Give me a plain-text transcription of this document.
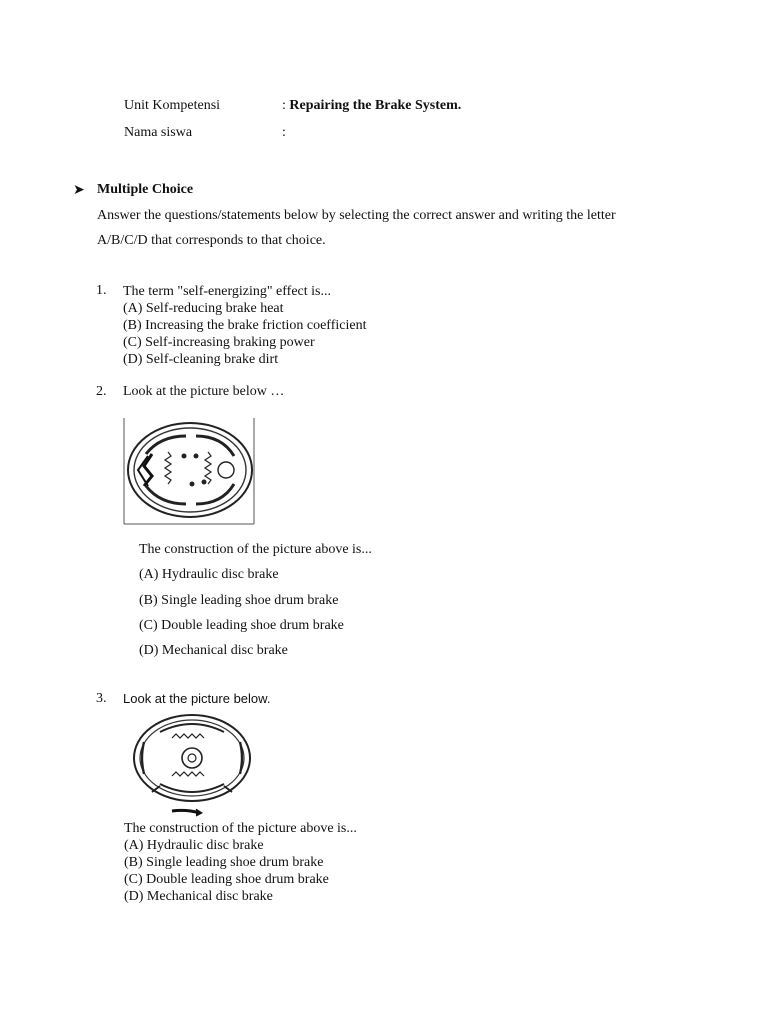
Unit Kompetensi	: Repairing the Brake System.
Nama siswa	:
➤ Multiple Choice
Answer the questions/statements below by selecting the correct answer and writing the letter
A/B/C/D that corresponds to that choice.
1. The term "self-energizing" effect is...
(A) Self-reducing brake heat
(B) Increasing the brake friction coefficient
(C) Self-increasing braking power
(D) Self-cleaning brake dirt
2. Look at the picture below …
The construction of the picture above is...
(A) Hydraulic disc brake
(B) Single leading shoe drum brake
(C) Double leading shoe drum brake
(D) Mechanical disc brake
3. Look at the picture below.
The construction of the picture above is...
(A) Hydraulic disc brake
(B) Single leading shoe drum brake
(C) Double leading shoe drum brake
(D) Mechanical disc brake
